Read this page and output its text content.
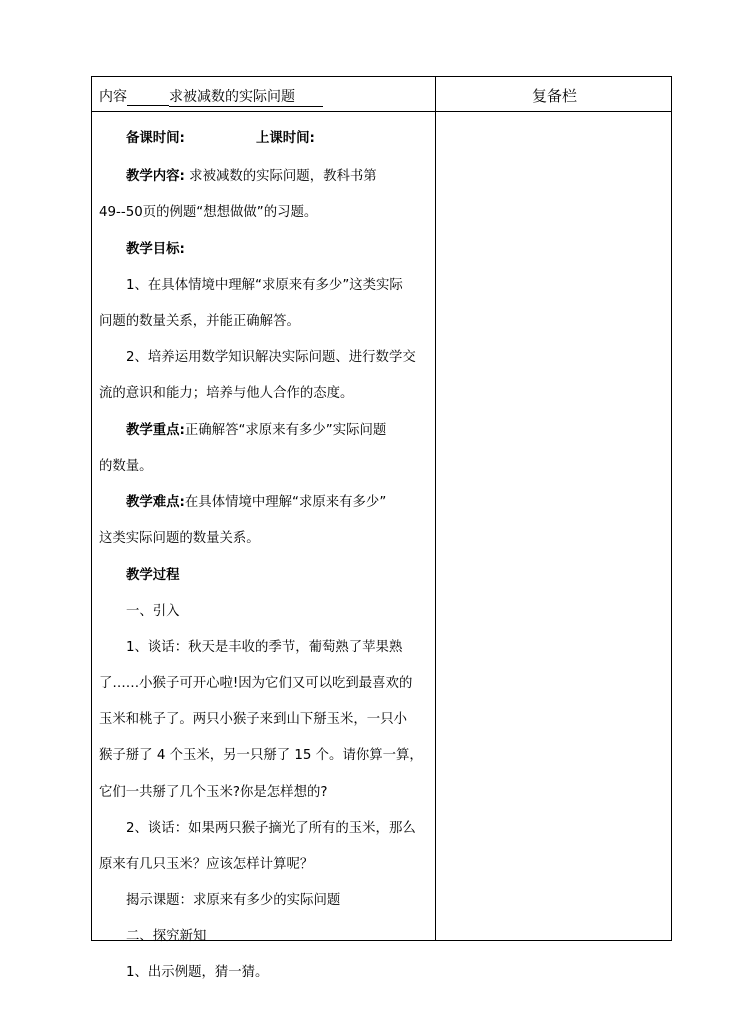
内容	求被减数的实际问题	复备栏
备课时间:	上课时间:
教学内容: 求被减数的实际问题，教科书第
49--50页的例题“想想做做”的习题。
教学目标:
1、在具体情境中理解“求原来有多少”这类实际
问题的数量关系，并能正确解答。
2、培养运用数学知识解决实际问题、进行数学交
流的意识和能力；培养与他人合作的态度。
教学重点:正确解答“求原来有多少”实际问题
的数量。
教学难点:在具体情境中理解“求原来有多少”
这类实际问题的数量关系。
教学过程
一、引入
1、谈话：秋天是丰收的季节，葡萄熟了苹果熟
了……小猴子可开心啦!因为它们又可以吃到最喜欢的
玉米和桃子了。两只小猴子来到山下掰玉米，一只小
猴子掰了 4 个玉米，另一只掰了 15 个。请你算一算，
它们一共掰了几个玉米?你是怎样想的?
2、谈话：如果两只猴子摘光了所有的玉米，那么
原来有几只玉米？应该怎样计算呢？
揭示课题：求原来有多少的实际问题
二、探究新知
1、出示例题，猜一猜。
